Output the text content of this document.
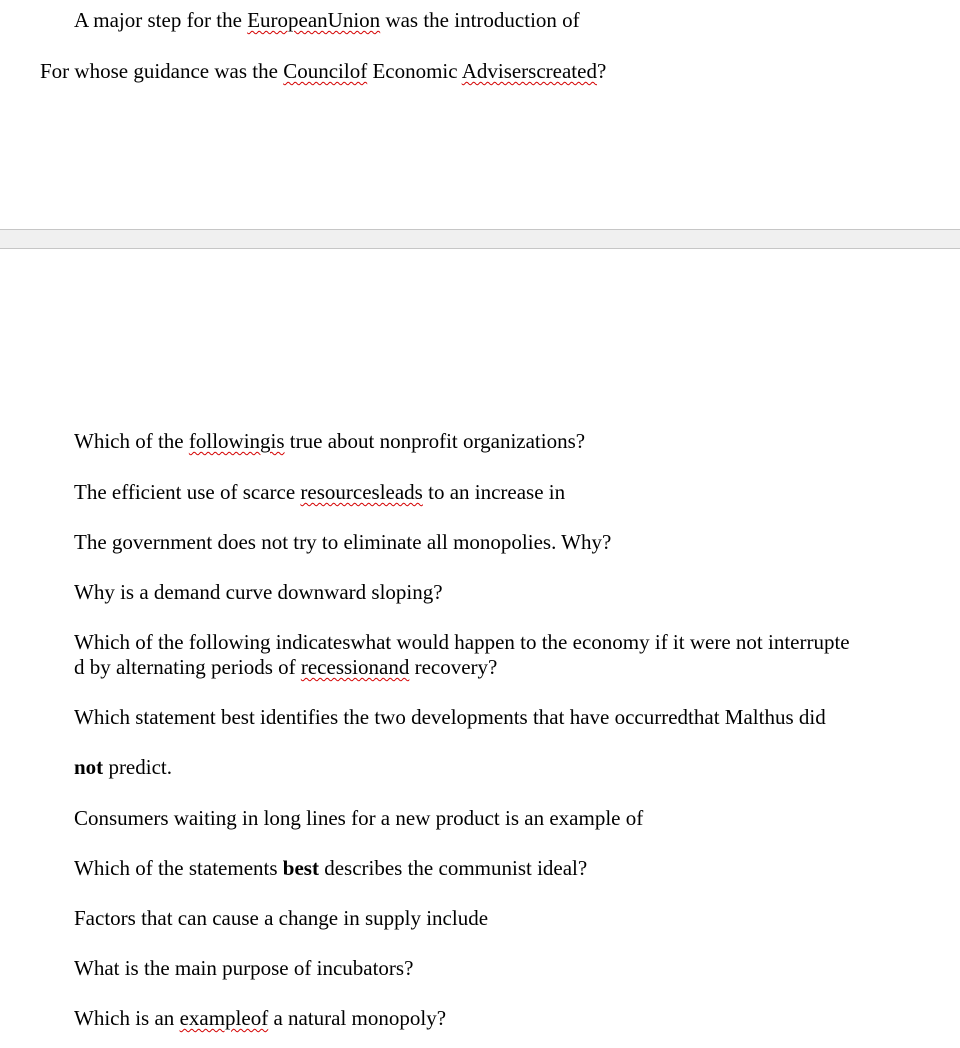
A major step for the EuropeanUnion was the introduction of

For whose guidance was the Councilof Economic Adviserscreated?

Which of the followingis true about nonprofit organizations?

The efficient use of scarce resourcesleads to an increase in

The government does not try to eliminate all monopolies. Why?

Why is a demand curve downward sloping?

Which of the following indicateswhat would happen to the economy if it were not interrupte

d by alternating periods of recessionand recovery?

Which statement best identifies the two developments that have occurredthat Malthus did

not predict.

Consumers waiting in long lines for a new product is an example of

Which of the statements best describes the communist ideal?

Factors that can cause a change in supply include

What is the main purpose of incubators?

Which is an exampleof a natural monopoly?
